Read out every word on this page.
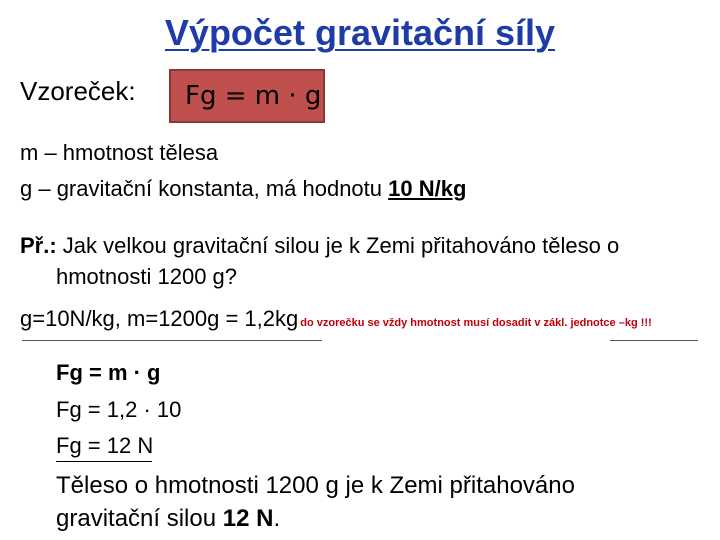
Výpočet gravitační síly
Vzoreček: Fg = m · g
m – hmotnost tělesa
g – gravitační konstanta, má hodnotu 10 N/kg
Př.: Jak velkou gravitační silou je k Zemi přitahováno těleso o
hmotnosti 1200 g?
g=10N/kg, m=1200g = 1,2kg do vzorečku se vždy hmotnost musí dosadit v zákl. jednotce –kg !!!
Fg = m · g
Fg = 1,2 · 10
Fg = 12 N
Těleso o hmotnosti 1200 g je k Zemi přitahováno
gravitační silou 12 N.
